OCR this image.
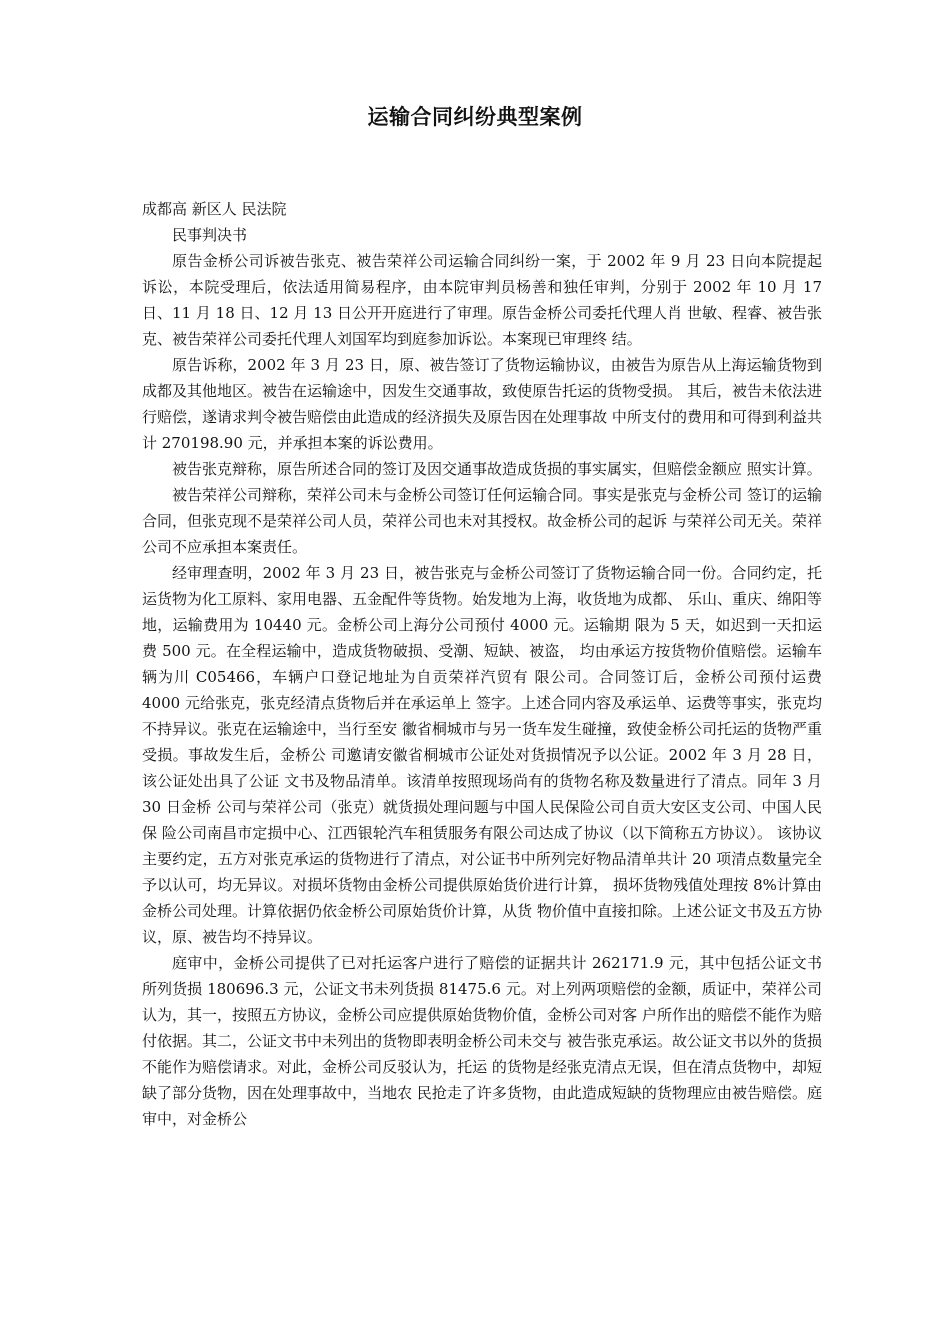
运输合同纠纷典型案例

成都高 新区人 民法院

民事判决书

原告金桥公司诉被告张克、被告荣祥公司运输合同纠纷一案，于 2002 年 9 月 23 日向本院提起诉讼，本院受理后，依法适用简易程序，由本院审判员杨善和独任审判，分别于 2002 年 10 月 17 日、11 月 18 日、12 月 13 日公开开庭进行了审理。原告金桥公司委托代理人肖 世敏、程睿、被告张克、被告荣祥公司委托代理人刘国军均到庭参加诉讼。本案现已审理终 结。

原告诉称，2002 年 3 月 23 日，原、被告签订了货物运输协议，由被告为原告从上海运输货物到成都及其他地区。被告在运输途中，因发生交通事故，致使原告托运的货物受损。 其后，被告未依法进行赔偿，遂请求判令被告赔偿由此造成的经济损失及原告因在处理事故 中所支付的费用和可得到利益共计 270198.90 元，并承担本案的诉讼费用。

被告张克辩称，原告所述合同的签订及因交通事故造成货损的事实属实，但赔偿金额应 照实计算。

被告荣祥公司辩称，荣祥公司未与金桥公司签订任何运输合同。事实是张克与金桥公司 签订的运输合同，但张克现不是荣祥公司人员，荣祥公司也未对其授权。故金桥公司的起诉 与荣祥公司无关。荣祥公司不应承担本案责任。

经审理查明，2002 年 3 月 23 日，被告张克与金桥公司签订了货物运输合同一份。合同约定，托运货物为化工原料、家用电器、五金配件等货物。始发地为上海，收货地为成都、 乐山、重庆、绵阳等地，运输费用为 10440 元。金桥公司上海分公司预付 4000 元。运输期 限为 5 天，如迟到一天扣运费 500 元。在全程运输中，造成货物破损、受潮、短缺、被盗， 均由承运方按货物价值赔偿。运输车辆为川 C05466，车辆户口登记地址为自贡荣祥汽贸有 限公司。合同签订后，金桥公司预付运费 4000 元给张克，张克经清点货物后并在承运单上 签字。上述合同内容及承运单、运费等事实，张克均不持异议。张克在运输途中，当行至安 徽省桐城市与另一货车发生碰撞，致使金桥公司托运的货物严重受损。事故发生后，金桥公 司邀请安徽省桐城市公证处对货损情况予以公证。2002 年 3 月 28 日，该公证处出具了公证 文书及物品清单。该清单按照现场尚有的货物名称及数量进行了清点。同年 3 月 30 日金桥 公司与荣祥公司（张克）就货损处理问题与中国人民保险公司自贡大安区支公司、中国人民保 险公司南昌市定损中心、江西银轮汽车租赁服务有限公司达成了协议（以下简称五方协议）。 该协议主要约定，五方对张克承运的货物进行了清点，对公证书中所列完好物品清单共计 20 项清点数量完全予以认可，均无异议。对损坏货物由金桥公司提供原始货价进行计算， 损坏货物残值处理按 8%计算由金桥公司处理。计算依据仍依金桥公司原始货价计算，从货 物价值中直接扣除。上述公证文书及五方协议，原、被告均不持异议。

庭审中，金桥公司提供了已对托运客户进行了赔偿的证据共计 262171.9 元，其中包括公证文书所列货损 180696.3 元，公证文书未列货损 81475.6 元。对上列两项赔偿的金额，质证中，荣祥公司认为，其一，按照五方协议，金桥公司应提供原始货物价值，金桥公司对客 户所作出的赔偿不能作为赔付依据。其二，公证文书中未列出的货物即表明金桥公司未交与 被告张克承运。故公证文书以外的货损不能作为赔偿请求。对此，金桥公司反驳认为，托运 的货物是经张克清点无误，但在清点货物中，却短缺了部分货物，因在处理事故中，当地农 民抢走了许多货物，由此造成短缺的货物理应由被告赔偿。庭审中，对金桥公
